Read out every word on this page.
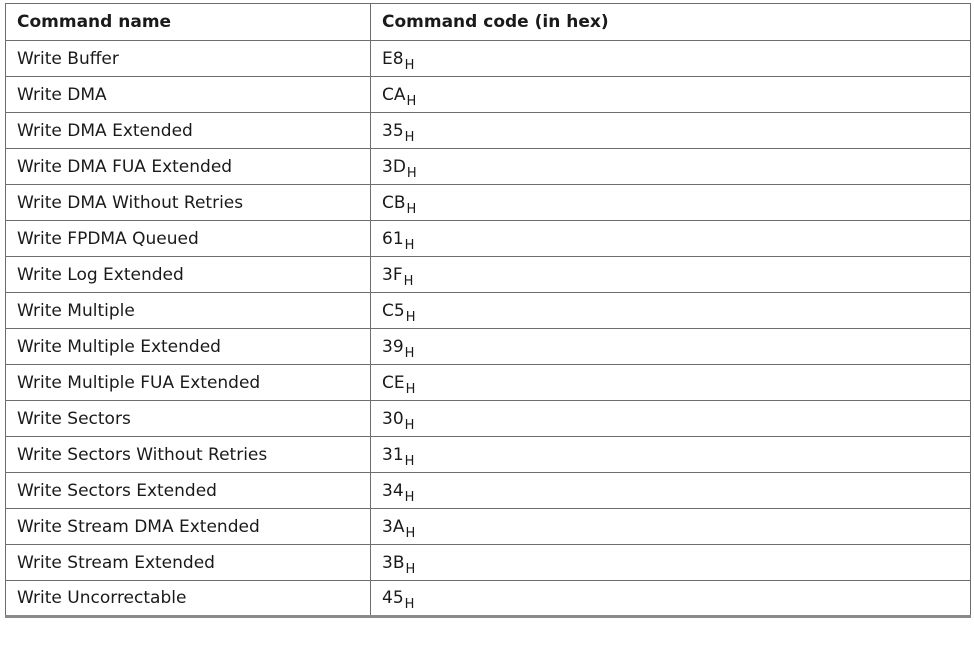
Command name	Command code (in hex)
Write Buffer	$E8_H$
Write DMA	$CA_H$
Write DMA Extended	$35_H$
Write DMA FUA Extended	$3D_H$
Write DMA Without Retries	$CB_H$
Write FPDMA Queued	$61_H$
Write Log Extended	$3F_H$
Write Multiple	$C5_H$
Write Multiple Extended	$39_H$
Write Multiple FUA Extended	$CE_H$
Write Sectors	$30_H$
Write Sectors Without Retries	$31_H$
Write Sectors Extended	$34_H$
Write Stream DMA Extended	$3A_H$
Write Stream Extended	$3B_H$
Write Uncorrectable	$45_H$
